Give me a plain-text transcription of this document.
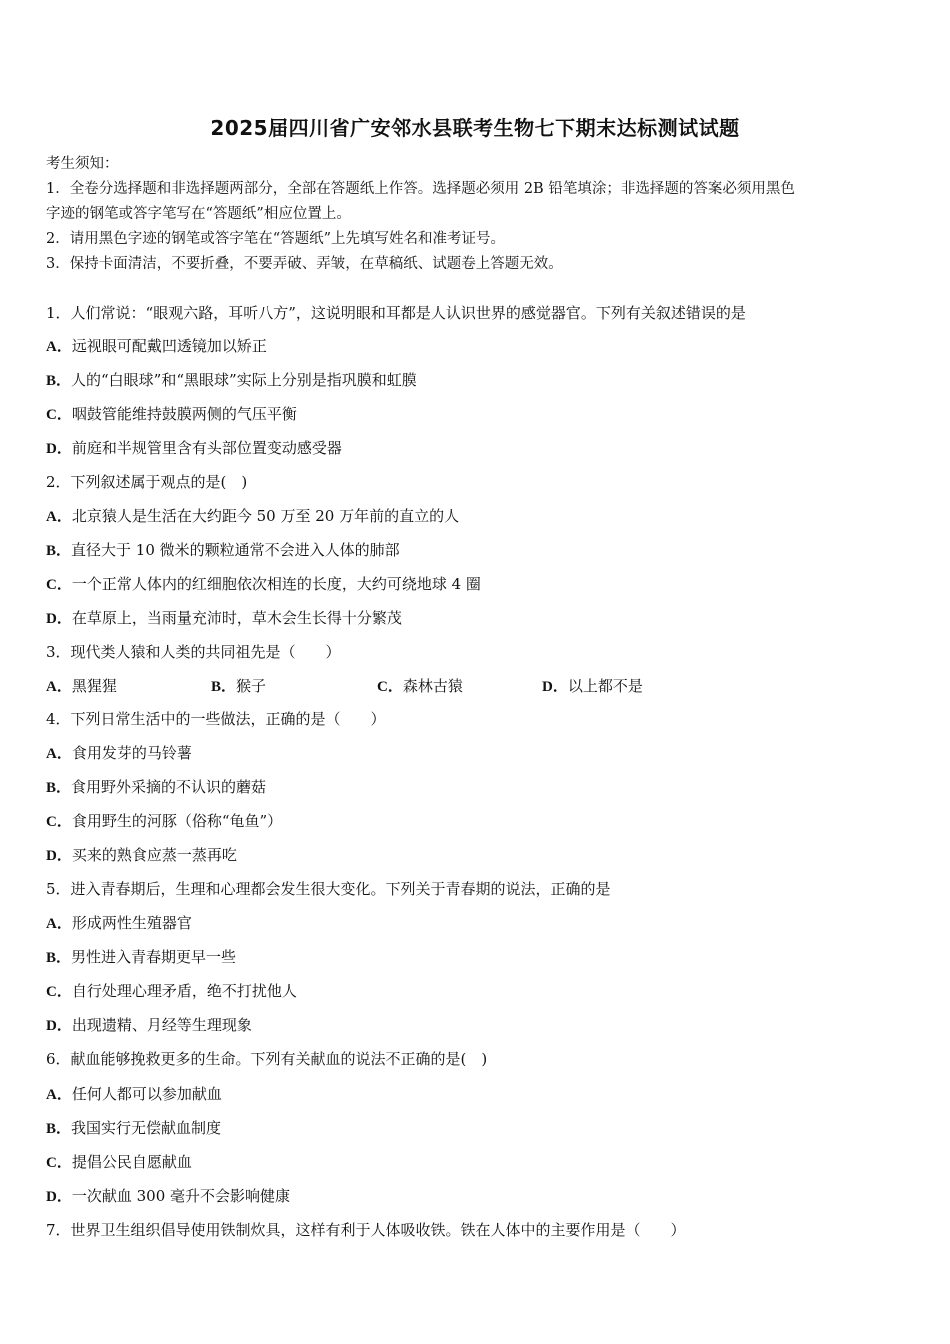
2025届四川省广安邻水县联考生物七下期末达标测试试题
考生须知：
1．全卷分选择题和非选择题两部分，全部在答题纸上作答。选择题必须用 2B 铅笔填涂；非选择题的答案必须用黑色
字迹的钢笔或答字笔写在“答题纸”相应位置上。
2．请用黑色字迹的钢笔或答字笔在“答题纸”上先填写姓名和准考证号。
3．保持卡面清洁，不要折叠，不要弄破、弄皱，在草稿纸、试题卷上答题无效。
1．人们常说：“眼观六路，耳听八方”，这说明眼和耳都是人认识世界的感觉器官。下列有关叙述错误的是
A．远视眼可配戴凹透镜加以矫正
B．人的“白眼球”和“黑眼球”实际上分别是指巩膜和虹膜
C．咽鼓管能维持鼓膜两侧的气压平衡
D．前庭和半规管里含有头部位置变动感受器
2．下列叙述属于观点的是(　)
A．北京猿人是生活在大约距今 50 万至 20 万年前的直立的人
B．直径大于 10 微米的颗粒通常不会进入人体的肺部
C．一个正常人体内的红细胞依次相连的长度，大约可绕地球 4 圈
D．在草原上，当雨量充沛时，草木会生长得十分繁茂
3．现代类人猿和人类的共同祖先是（　　）
A．黑猩猩	B．猴子	C．森林古猿	D．以上都不是
4．下列日常生活中的一些做法，正确的是（　　）
A．食用发芽的马铃薯
B．食用野外采摘的不认识的蘑菇
C．食用野生的河豚（俗称“龟鱼”）
D．买来的熟食应蒸一蒸再吃
5．进入青春期后，生理和心理都会发生很大变化。下列关于青春期的说法，正确的是
A．形成两性生殖器官
B．男性进入青春期更早一些
C．自行处理心理矛盾，绝不打扰他人
D．出现遗精、月经等生理现象
6．献血能够挽救更多的生命。下列有关献血的说法不正确的是(　)
A．任何人都可以参加献血
B．我国实行无偿献血制度
C．提倡公民自愿献血
D．一次献血 300 毫升不会影响健康
7．世界卫生组织倡导使用铁制炊具，这样有利于人体吸收铁。铁在人体中的主要作用是（　　）
